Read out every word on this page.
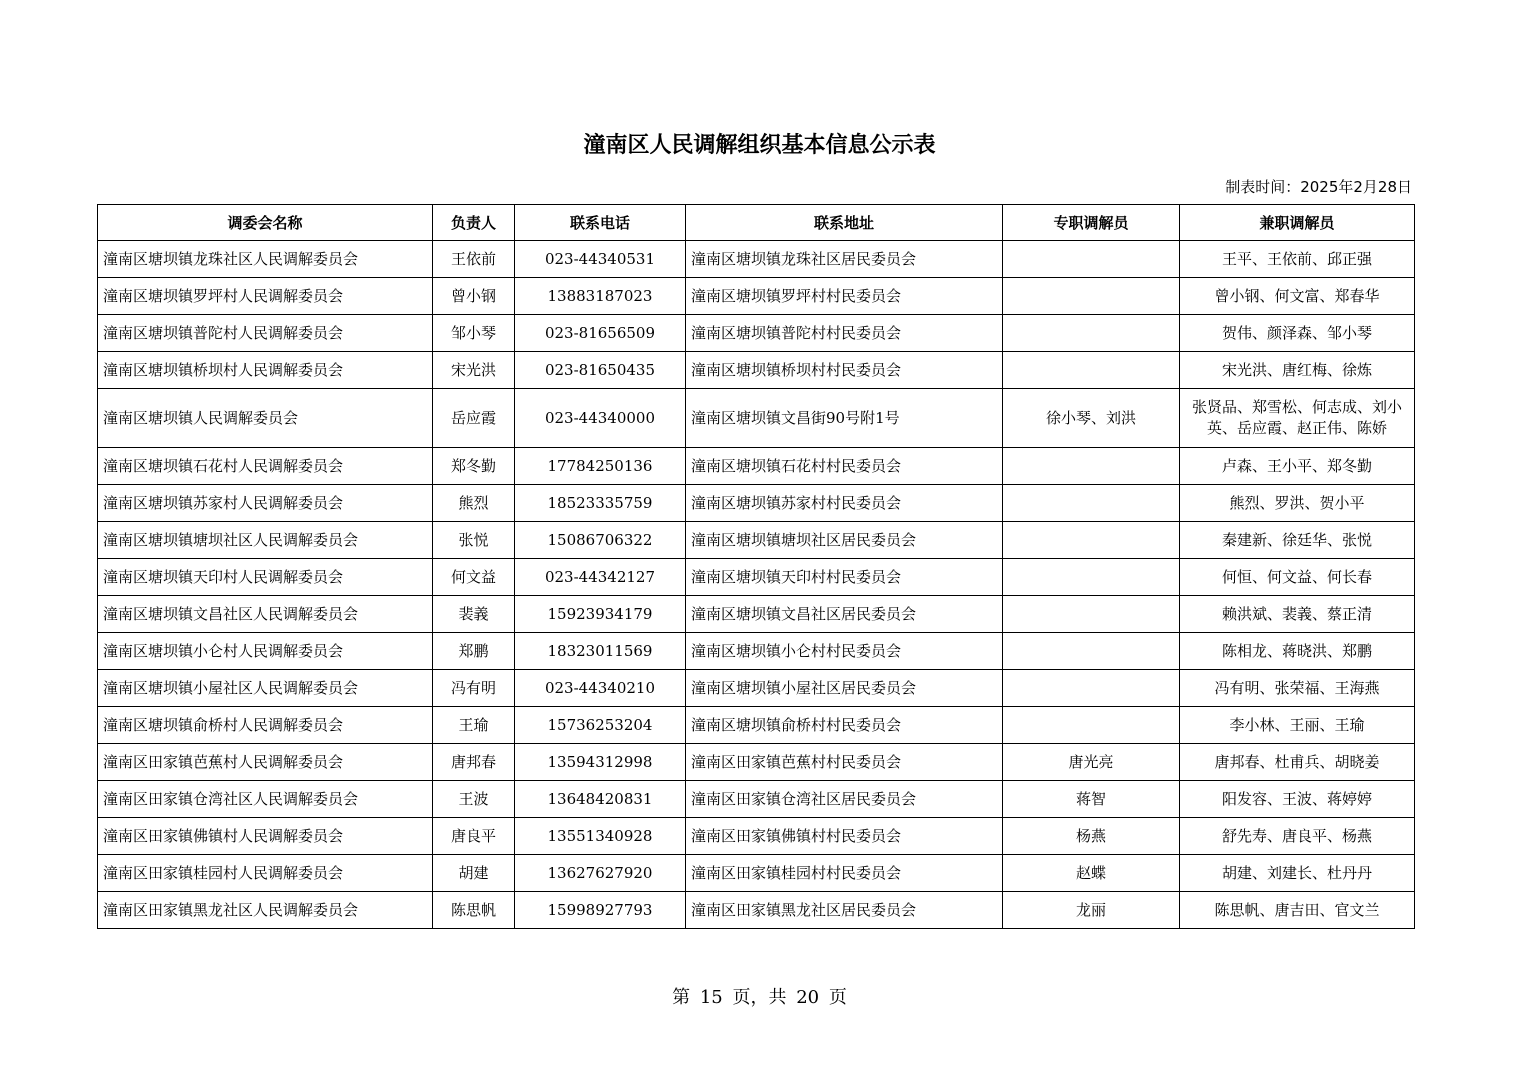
潼南区人民调解组织基本信息公示表
制表时间：2025年2月28日
调委会名称	负责人	联系电话	联系地址	专职调解员	兼职调解员
潼南区塘坝镇龙珠社区人民调解委员会	王依前	023-44340531	潼南区塘坝镇龙珠社区居民委员会		王平、王依前、邱正强
潼南区塘坝镇罗坪村人民调解委员会	曾小钢	13883187023	潼南区塘坝镇罗坪村村民委员会		曾小钢、何文富、郑春华
潼南区塘坝镇普陀村人民调解委员会	邹小琴	023-81656509	潼南区塘坝镇普陀村村民委员会		贺伟、颜泽森、邹小琴
潼南区塘坝镇桥坝村人民调解委员会	宋光洪	023-81650435	潼南区塘坝镇桥坝村村民委员会		宋光洪、唐红梅、徐炼
潼南区塘坝镇人民调解委员会	岳应霞	023-44340000	潼南区塘坝镇文昌街90号附1号	徐小琴、刘洪	张贤品、郑雪松、何志成、刘小英、岳应霞、赵正伟、陈娇
潼南区塘坝镇石花村人民调解委员会	郑冬勤	17784250136	潼南区塘坝镇石花村村民委员会		卢森、王小平、郑冬勤
潼南区塘坝镇苏家村人民调解委员会	熊烈	18523335759	潼南区塘坝镇苏家村村民委员会		熊烈、罗洪、贺小平
潼南区塘坝镇塘坝社区人民调解委员会	张悦	15086706322	潼南区塘坝镇塘坝社区居民委员会		秦建新、徐廷华、张悦
潼南区塘坝镇天印村人民调解委员会	何文益	023-44342127	潼南区塘坝镇天印村村民委员会		何恒、何文益、何长春
潼南区塘坝镇文昌社区人民调解委员会	裴義	15923934179	潼南区塘坝镇文昌社区居民委员会		赖洪斌、裴義、蔡正清
潼南区塘坝镇小仑村人民调解委员会	郑鹏	18323011569	潼南区塘坝镇小仑村村民委员会		陈相龙、蒋晓洪、郑鹏
潼南区塘坝镇小屋社区人民调解委员会	冯有明	023-44340210	潼南区塘坝镇小屋社区居民委员会		冯有明、张荣福、王海燕
潼南区塘坝镇俞桥村人民调解委员会	王瑜	15736253204	潼南区塘坝镇俞桥村村民委员会		李小林、王丽、王瑜
潼南区田家镇芭蕉村人民调解委员会	唐邦春	13594312998	潼南区田家镇芭蕉村村民委员会	唐光亮	唐邦春、杜甫兵、胡晓姜
潼南区田家镇仓湾社区人民调解委员会	王波	13648420831	潼南区田家镇仓湾社区居民委员会	蒋智	阳发容、王波、蒋婷婷
潼南区田家镇佛镇村人民调解委员会	唐良平	13551340928	潼南区田家镇佛镇村村民委员会	杨燕	舒先寿、唐良平、杨燕
潼南区田家镇桂园村人民调解委员会	胡建	13627627920	潼南区田家镇桂园村村民委员会	赵蝶	胡建、刘建长、杜丹丹
潼南区田家镇黑龙社区人民调解委员会	陈思帆	15998927793	潼南区田家镇黑龙社区居民委员会	龙丽	陈思帆、唐吉田、官文兰
第 15 页，共 20 页
